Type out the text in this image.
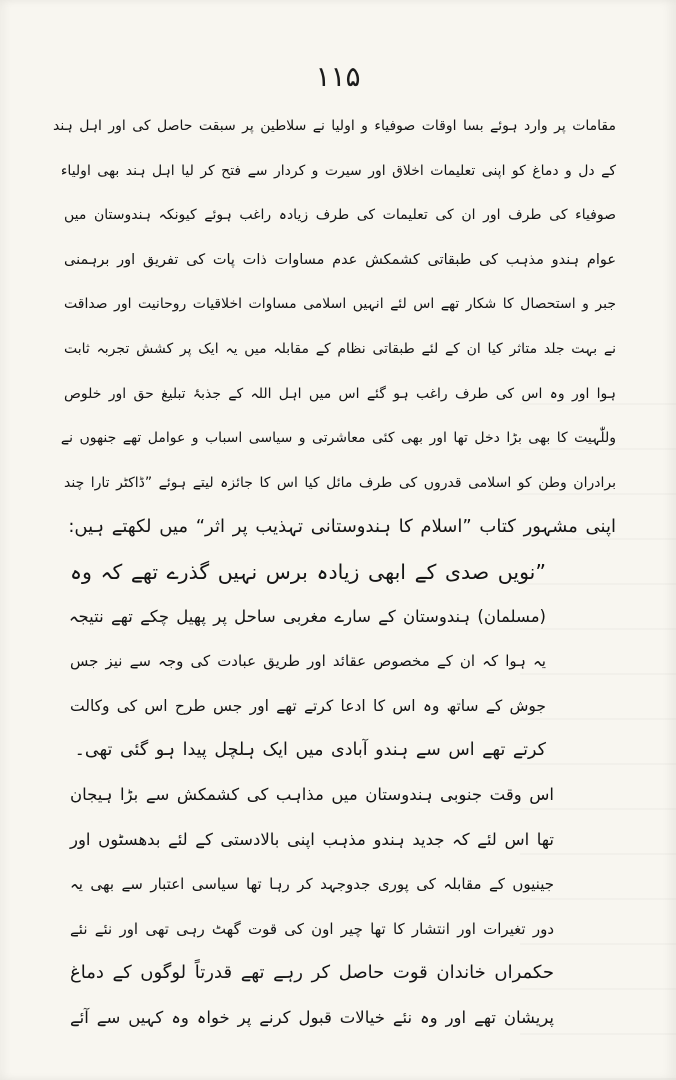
۱۱۵
مقامات پر وارد ہوئے بسا اوقات صوفیاء و اولیا نے سلاطین پر سبقت حاصل کی اور اہل ہند
کے دل و دماغ کو اپنی تعلیمات اخلاق اور سیرت و کردار سے فتح کر لیا اہل ہند بھی اولیاء
صوفیاء کی طرف اور ان کی تعلیمات کی طرف زیادہ راغب ہوئے کیونکہ ہندوستان میں
عوام ہندو مذہب کی طبقاتی کشمکش عدم مساوات ذات پات کی تفریق اور برہمنی
جبر و استحصال کا شکار تھے اس لئے انہیں اسلامی مساوات اخلاقیات روحانیت اور صداقت
نے بہت جلد متاثر کیا ان کے لئے طبقاتی نظام کے مقابلہ میں یہ ایک پر کشش تجربہ ثابت
ہوا اور وہ اس کی طرف راغب ہو گئے اس میں اہل اللہ کے جذبۂ تبلیغ حق اور خلوص
وللّٰہیت کا بھی بڑا دخل تھا اور بھی کئی معاشرتی و سیاسی اسباب و عوامل تھے جنھوں نے
برادران وطن کو اسلامی قدروں کی طرف مائل کیا اس کا جائزہ لیتے ہوئے ”ڈاکٹر تارا چند
اپنی مشہور کتاب ”اسلام کا ہندوستانی تہذیب پر اثر“ میں لکھتے ہیں:
”نویں صدی کے ابھی زیادہ برس نہیں گذرے تھے کہ وہ
(مسلمان) ہندوستان کے سارے مغربی ساحل پر پھیل چکے تھے نتیجہ
یہ ہوا کہ ان کے مخصوص عقائد اور طریق عبادت کی وجہ سے نیز جس
جوش کے ساتھ وہ اس کا ادعا کرتے تھے اور جس طرح اس کی وکالت
کرتے تھے اس سے ہندو آبادی میں ایک ہلچل پیدا ہو گئی تھی۔
اس وقت جنوبی ہندوستان میں مذاہب کی کشمکش سے بڑا ہیجان
تھا اس لئے کہ جدید ہندو مذہب اپنی بالادستی کے لئے بدھسٹوں اور
جینیوں کے مقابلہ کی پوری جدوجہد کر رہا تھا سیاسی اعتبار سے بھی یہ
دور تغیرات اور انتشار کا تھا چیر اون کی قوت گھٹ رہی تھی اور نئے نئے
حکمراں خاندان قوت حاصل کر رہے تھے قدرتاً لوگوں کے دماغ
پریشان تھے اور وہ نئے خیالات قبول کرنے پر خواہ وہ کہیں سے آئے
